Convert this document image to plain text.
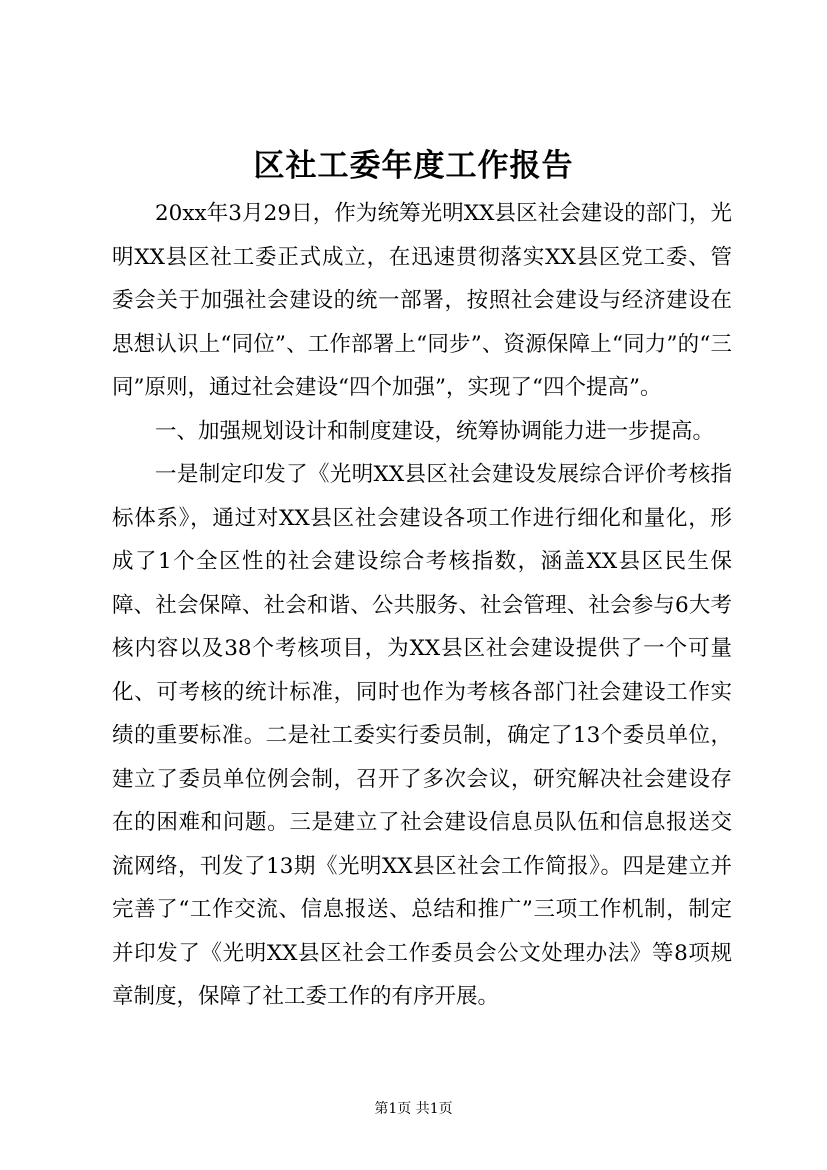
区社工委年度工作报告

20xx年3月29日，作为统筹光明XX县区社会建设的部门，光明XX县区社工委正式成立，在迅速贯彻落实XX县区党工委、管委会关于加强社会建设的统一部署，按照社会建设与经济建设在思想认识上“同位”、工作部署上“同步”、资源保障上“同力”的“三同”原则，通过社会建设“四个加强”，实现了“四个提高”。

一、加强规划设计和制度建设，统筹协调能力进一步提高。

一是制定印发了《光明XX县区社会建设发展综合评价考核指标体系》，通过对XX县区社会建设各项工作进行细化和量化，形成了1个全区性的社会建设综合考核指数，涵盖XX县区民生保障、社会保障、社会和谐、公共服务、社会管理、社会参与6大考核内容以及38个考核项目，为XX县区社会建设提供了一个可量化、可考核的统计标准，同时也作为考核各部门社会建设工作实绩的重要标准。二是社工委实行委员制，确定了13个委员单位，建立了委员单位例会制，召开了多次会议，研究解决社会建设存在的困难和问题。三是建立了社会建设信息员队伍和信息报送交流网络，刊发了13期《光明XX县区社会工作简报》。四是建立并完善了“工作交流、信息报送、总结和推广”三项工作机制，制定并印发了《光明XX县区社会工作委员会公文处理办法》等8项规章制度，保障了社工委工作的有序开展。

第1页 共1页
